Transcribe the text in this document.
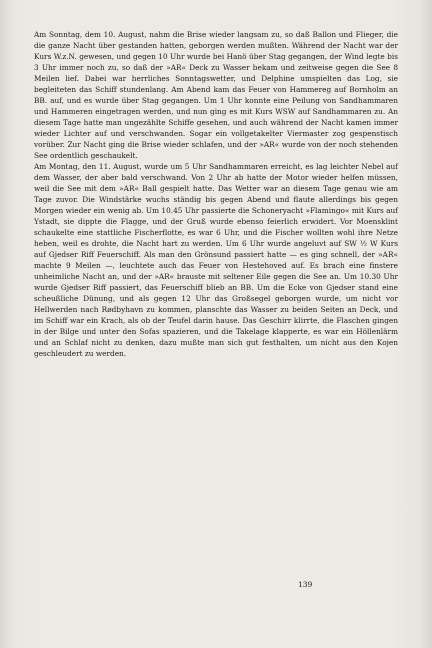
Am Sonntag, dem 10. August, nahm die Brise wieder langsam zu, so daß Ballon und Flieger, die die ganze Nacht über gestanden hatten, geborgen werden mußten. Während der Nacht war der Kurs W.z.N. gewesen, und gegen 10 Uhr wurde bei Hanö über Stag gegangen, der Wind legte bis 3 Uhr immer noch zu, so daß der »AR« Deck zu Wasser bekam und zeitweise gegen die See 8 Meilen lief. Dabei war herrliches Sonntagswetter, und Delphine umspielten das Log, sie begleiteten das Schiff stundenlang. Am Abend kam das Feuer von Hammereg auf Bornholm an BB. auf, und es wurde über Stag gegangen. Um 1 Uhr konnte eine Peilung von Sandhammaren und Hammeren eingetragen werden, und nun ging es mit Kurs WSW auf Sandhammaren zu. An diesem Tage hatte man ungezählte Schiffe gesehen, und auch während der Nacht kamen immer wieder Lichter auf und verschwanden. Sogar ein vollgetakelter Viermaster zog gespenstisch vorüber. Zur Nacht ging die Brise wieder schlafen, und der »AR« wurde von der noch stehenden See ordentlich geschaukelt.

Am Montag, den 11. August, wurde um 5 Uhr Sandhammaren erreicht, es lag leichter Nebel auf dem Wasser, der aber bald verschwand. Von 2 Uhr ab hatte der Motor wieder helfen müssen, weil die See mit dem »AR« Ball gespielt hatte. Das Wetter war an diesem Tage genau wie am Tage zuvor. Die Windstärke wuchs ständig bis gegen Abend und flaute allerdings bis gegen Morgen wieder ein wenig ab. Um 10.45 Uhr passierte die Schoneryacht »Flamingo« mit Kurs auf Ystadt, sie dippte die Flagge, und der Gruß wurde ebenso feierlich erwidert. Vor Moensklint schaukelte eine stattliche Fischerflotte, es war 6 Uhr, und die Fischer wollten wohl ihre Netze heben, weil es drohte, die Nacht hart zu werden. Um 6 Uhr wurde angeluvt auf SW ½ W Kurs auf Gjedser Riff Feuerschiff. Als man den Grönsund passiert hatte — es ging schnell, der »AR« machte 9 Meilen —, leuchtete auch das Feuer von Hestehoved auf. Es brach eine finstere unheimliche Nacht an, und der »AR« brauste mit seltener Eile gegen die See an. Um 10.30 Uhr wurde Gjedser Riff passiert, das Feuerschiff blieb an BB. Um die Ecke von Gjedser stand eine scheußliche Dünung, und als gegen 12 Uhr das Großsegel geborgen wurde, um nicht vor Hellwerden nach Rødbyhavn zu kommen, planschte das Wasser zu beiden Seiten an Deck, und im Schiff war ein Krach, als ob der Teufel darin hause. Das Geschirr klirrte, die Flaschen gingen in der Bilge und unter den Sofas spazieren, und die Takelage klapperte, es war ein Höllenlärm und an Schlaf nicht zu denken, dazu mußte man sich gut festhalten, um nicht aus den Kojen geschleudert zu werden.

139
